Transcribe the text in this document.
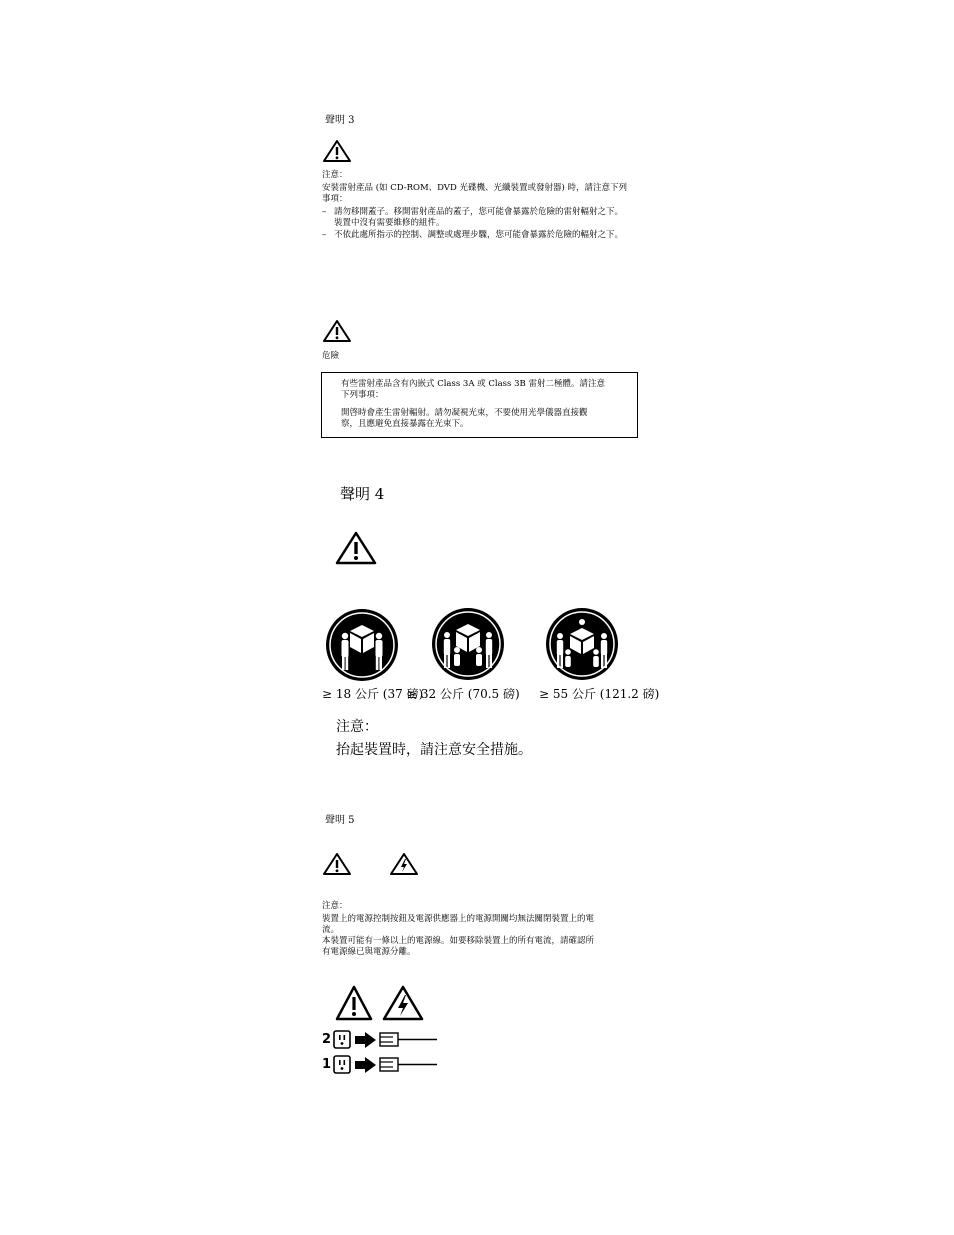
聲明 3
注意：
安裝雷射產品 (如 CD-ROM、DVD 光碟機、光纖裝置或發射器) 時，請注意下列
事項：
– 請勿移開蓋子。移開雷射產品的蓋子，您可能會暴露於危險的雷射輻射之下。
裝置中沒有需要維修的組件。
– 不依此處所指示的控制、調整或處理步驟，您可能會暴露於危險的輻射之下。
危險
有些雷射產品含有內嵌式 Class 3A 或 Class 3B 雷射二極體。請注意
下列事項：
開啓時會產生雷射輻射。請勿凝視光束，不要使用光學儀器直接觀
察，且應避免直接暴露在光束下。
聲明 4
≥ 18 公斤 (37 磅)
≥ 32 公斤 (70.5 磅) ≥ 55 公斤 (121.2 磅)
注意：
抬起裝置時，請注意安全措施。
聲明 5
注意：
裝置上的電源控制按鈕及電源供應器上的電源開關均無法關閉裝置上的電
流。
本裝置可能有一條以上的電源線。如要移除裝置上的所有電流，請確認所
有電源線已與電源分離。
2
1
